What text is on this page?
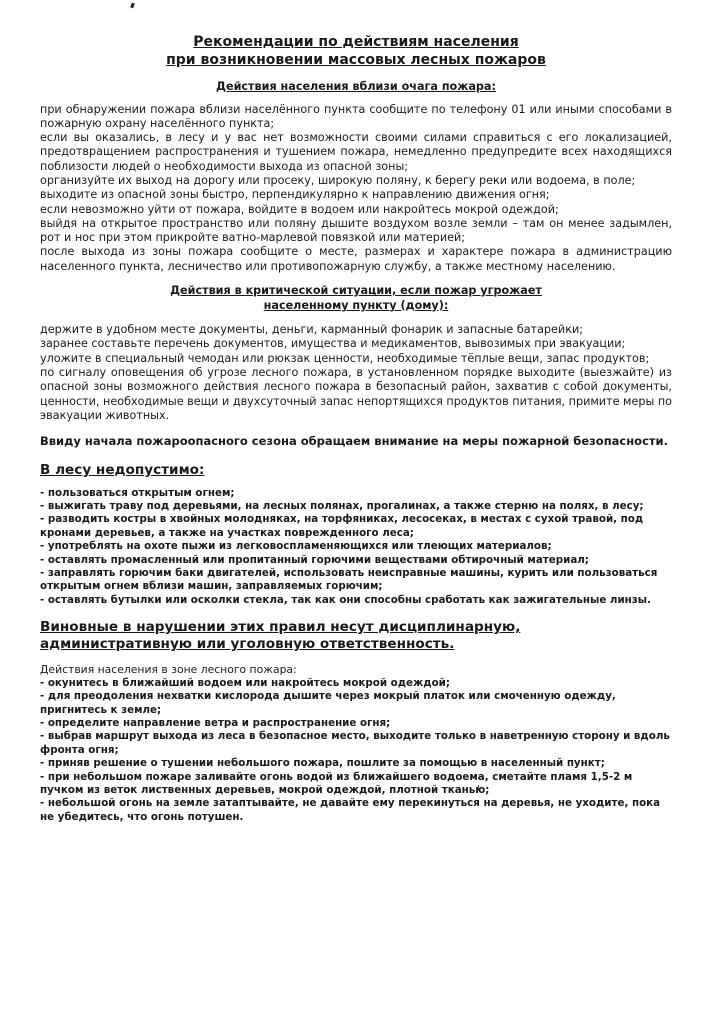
Рекомендации по действиям населения

при возникновении массовых лесных пожаров

Действия населения вблизи очага пожара:

при обнаружении пожара вблизи населённого пункта сообщите по телефону 01 или иными способами в пожарную охрану населённого пункта;

если вы оказались, в лесу и у вас нет возможности своими силами справиться с его локализацией, предотвращением распространения и тушением пожара, немедленно предупредите всех находящихся поблизости людей о необходимости выхода из опасной зоны;

организуйте их выход на дорогу или просеку, широкую поляну, к берегу реки или водоема, в поле;

выходите из опасной зоны быстро, перпендикулярно к направлению движения огня;

если невозможно уйти от пожара, войдите в водоем или накройтесь мокрой одеждой;

выйдя на открытое пространство или поляну дышите воздухом возле земли – там он менее задымлен, рот и нос при этом прикройте ватно-марлевой повязкой или материей;

после выхода из зоны пожара сообщите о месте, размерах и характере пожара в администрацию населенного пункта, лесничество или противопожарную службу, а также местному населению.

Действия в критической ситуации, если пожар угрожает

населенному пункту (дому):

держите в удобном месте документы, деньги, карманный фонарик и запасные батарейки;

заранее составьте перечень документов, имущества и медикаментов, вывозимых при эвакуации;

уложите в специальный чемодан или рюкзак ценности, необходимые тёплые вещи, запас продуктов;

по сигналу оповещения об угрозе лесного пожара, в установленном порядке выходите (выезжайте) из опасной зоны возможного действия лесного пожара в безопасный район, захватив с собой документы, ценности, необходимые вещи и двухсуточный запас непортящихся продуктов питания, примите меры по эвакуации животных.

Ввиду начала пожароопасного сезона обращаем внимание на меры пожарной безопасности.

В лесу недопустимо:

- пользоваться открытым огнем;

- выжигать траву под деревьями, на лесных полянах, прогалинах, а также стерню на полях, в лесу;

- разводить костры в хвойных молодняках, на торфяниках, лесосеках, в местах с сухой травой, под кронами деревьев, а также на участках поврежденного леса;

- употреблять на охоте пыжи из легковоспламеняющихся или тлеющих материалов;

- оставлять промасленный или пропитанный горючими веществами обтирочный материал;

- заправлять горючим баки двигателей, использовать неисправные машины, курить или пользоваться открытым огнем вблизи машин, заправляемых горючим;

- оставлять бутылки или осколки стекла, так как они способны сработать как зажигательные линзы.

Виновные в нарушении этих правил несут дисциплинарную,

административную или уголовную ответственность.

Действия населения в зоне лесного пожара:

- окунитесь в ближайший водоем или накройтесь мокрой одеждой;

- для преодоления нехватки кислорода дышите через мокрый платок или смоченную одежду, пригнитесь к земле;

- определите направление ветра и распространение огня;

- выбрав маршрут выхода из леса в безопасное место, выходите только в наветренную сторону и вдоль фронта огня;

- приняв решение о тушении небольшого пожара, пошлите за помощью в населенный пункт;

- при небольшом пожаре заливайте огонь водой из ближайшего водоема, сметайте пламя 1,5-2 м пучком из веток лиственных деревьев, мокрой одеждой, плотной тканью;

- небольшой огонь на земле затаптывайте, не давайте ему перекинуться на деревья, не уходите, пока не убедитесь, что огонь потушен.
